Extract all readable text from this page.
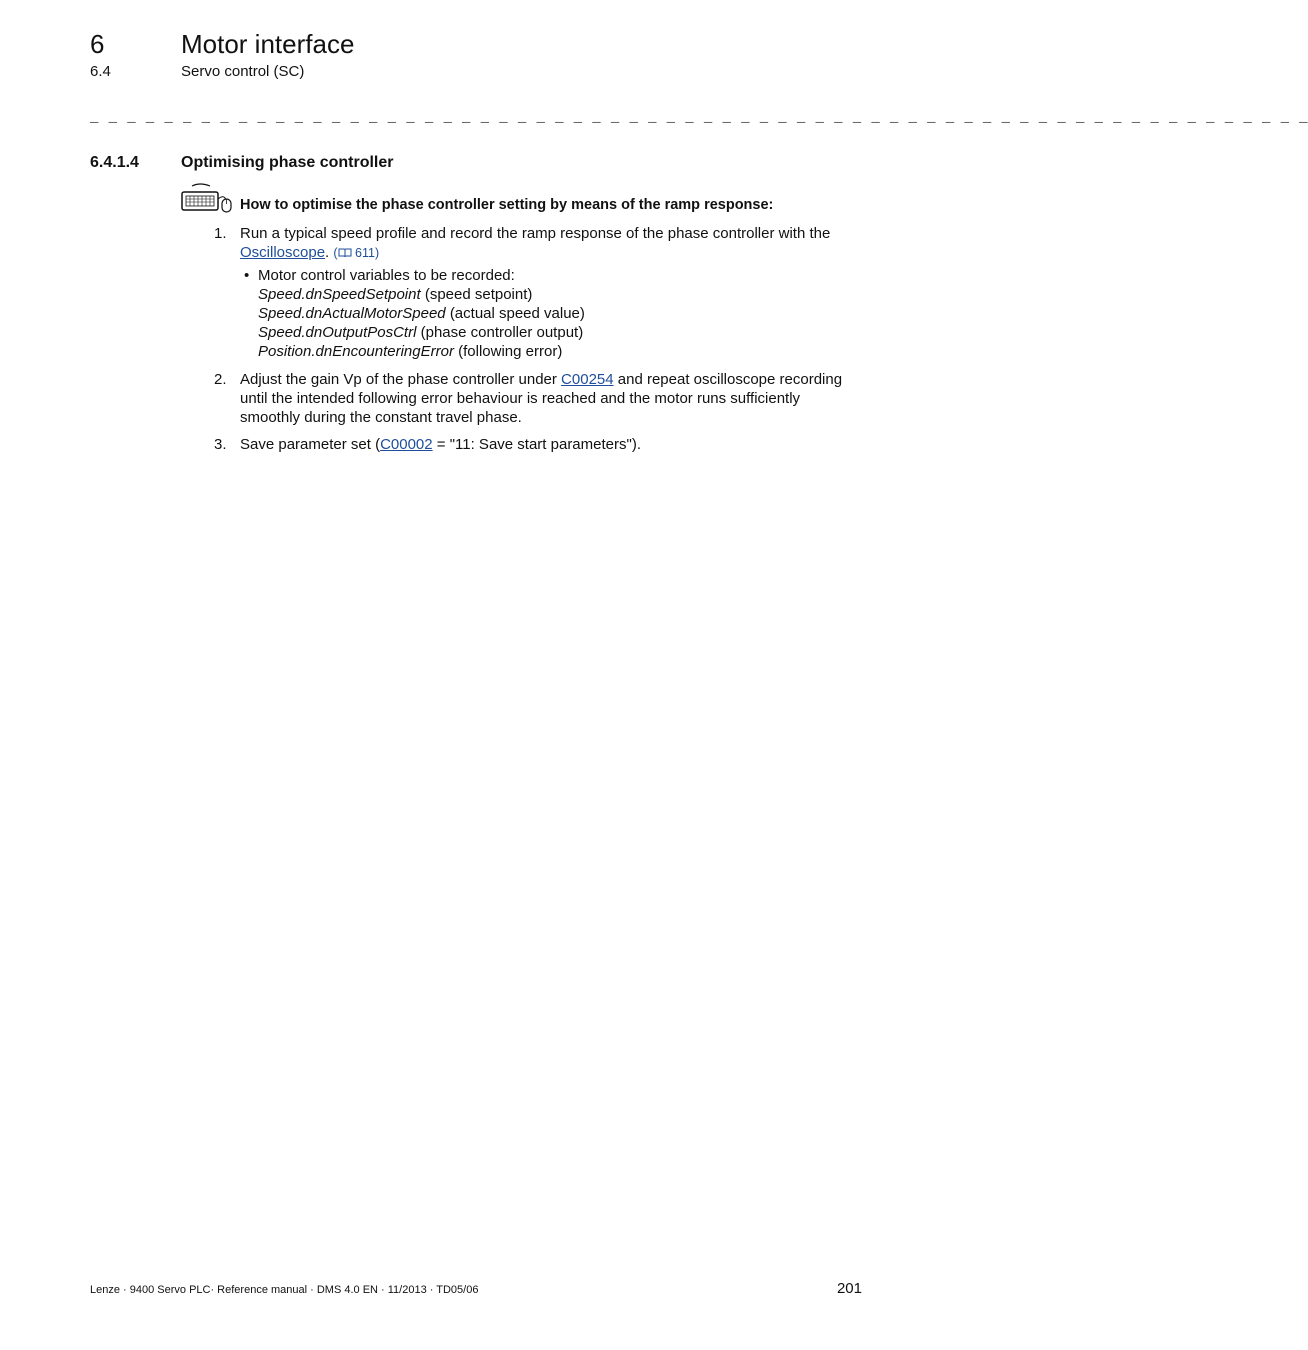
6	Motor interface
6.4	Servo control (SC)
_ _ _ _ _ _ _ _ _ _ _ _ _ _ _ _ _ _ _ _ _ _ _ _ _ _ _ _ _ _ _ _ _ _ _ _ _ _ _ _ _ _ _ _ _ _ _ _ _ _ _ _ _ _ _ _ _ _ _ _ _ _ _ _ _ _
6.4.1.4	Optimising phase controller
How to optimise the phase controller setting by means of the ramp response:
1. Run a typical speed profile and record the ramp response of the phase controller with the Oscilloscope. ( 611)
• Motor control variables to be recorded:
Speed.dnSpeedSetpoint (speed setpoint)
Speed.dnActualMotorSpeed (actual speed value)
Speed.dnOutputPosCtrl (phase controller output)
Position.dnEncounteringError (following error)
2. Adjust the gain Vp of the phase controller under C00254 and repeat oscilloscope recording until the intended following error behaviour is reached and the motor runs sufficiently smoothly during the constant travel phase.
3. Save parameter set (C00002 = "11: Save start parameters").
Lenze · 9400 Servo PLC· Reference manual · DMS 4.0 EN · 11/2013 · TD05/06	201
